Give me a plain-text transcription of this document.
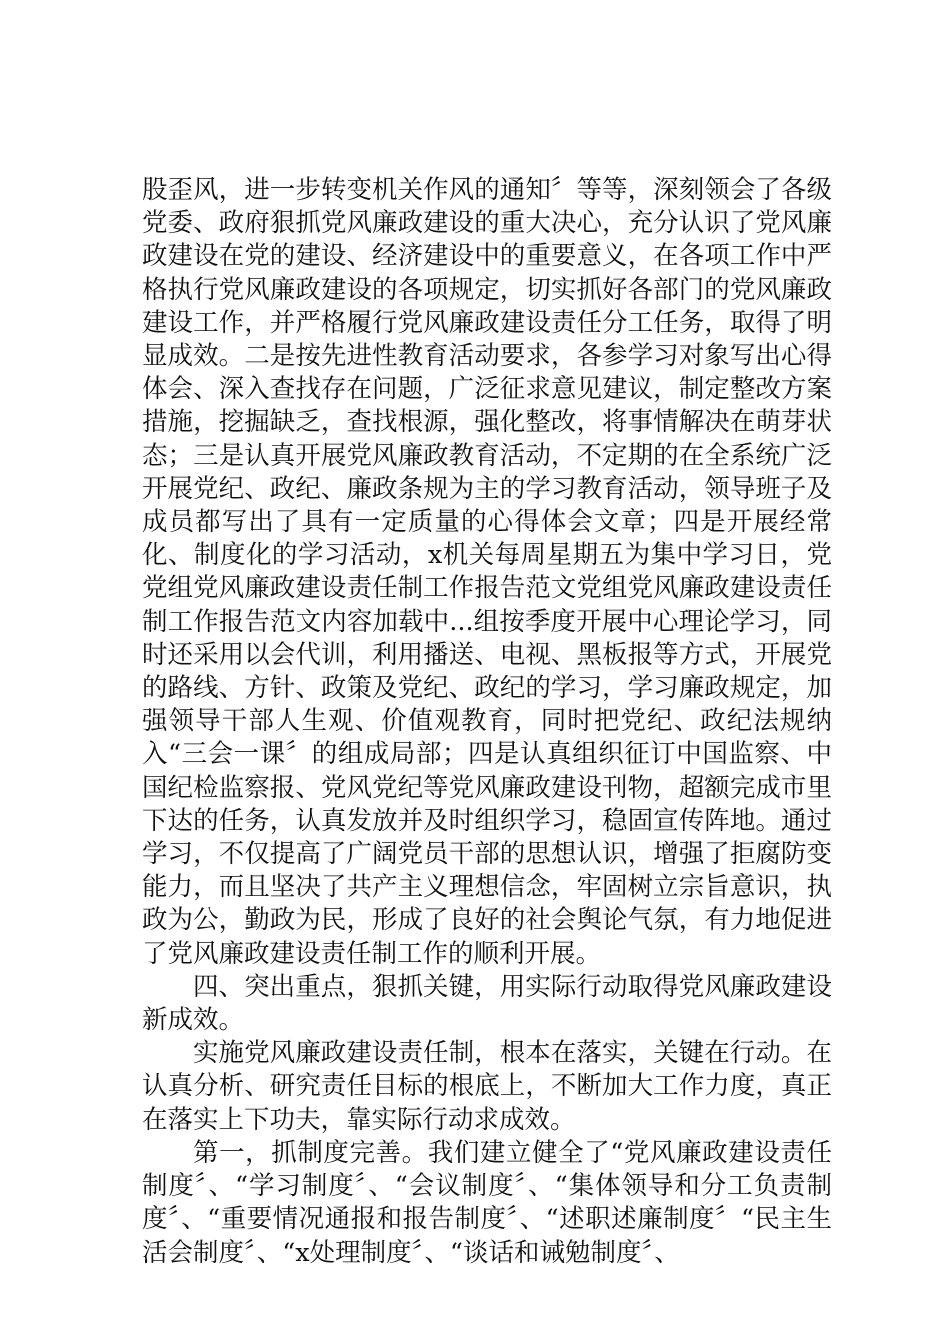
股歪风，进一步转变机关作风的通知〞等等，深刻领会了各级党委、政府狠抓党风廉政建设的重大决心，充分认识了党风廉政建设在党的建设、经济建设中的重要意义，在各项工作中严格执行党风廉政建设的各项规定，切实抓好各部门的党风廉政建设工作，并严格履行党风廉政建设责任分工任务，取得了明显成效。二是按先进性教育活动要求，各参学习对象写出心得体会、深入查找存在问题，广泛征求意见建议，制定整改方案措施，挖掘缺乏，查找根源，强化整改，将事情解决在萌芽状态；三是认真开展党风廉政教育活动，不定期的在全系统广泛开展党纪、政纪、廉政条规为主的学习教育活动，领导班子及成员都写出了具有一定质量的心得体会文章；四是开展经常化、制度化的学习活动，x机关每周星期五为集中学习日，党党组党风廉政建设责任制工作报告范文党组党风廉政建设责任制工作报告范文内容加载中...组按季度开展中心理论学习，同时还采用以会代训，利用播送、电视、黑板报等方式，开展党的路线、方针、政策及党纪、政纪的学习，学习廉政规定，加强领导干部人生观、价值观教育，同时把党纪、政纪法规纳入“三会一课〞的组成局部；四是认真组织征订中国监察、中国纪检监察报、党风党纪等党风廉政建设刊物，超额完成市里下达的任务，认真发放并及时组织学习，稳固宣传阵地。通过学习，不仅提高了广阔党员干部的思想认识，增强了拒腐防变能力，而且坚决了共产主义理想信念，牢固树立宗旨意识，执政为公，勤政为民，形成了良好的社会舆论气氛，有力地促进了党风廉政建设责任制工作的顺利开展。

四、突出重点，狠抓关键，用实际行动取得党风廉政建设新成效。

实施党风廉政建设责任制，根本在落实，关键在行动。在认真分析、研究责任目标的根底上，不断加大工作力度，真正在落实上下功夫，靠实际行动求成效。

第一，抓制度完善。我们建立健全了“党风廉政建设责任制度〞、“学习制度〞、“会议制度〞、“集体领导和分工负责制度〞、“重要情况通报和报告制度〞、“述职述廉制度〞“民主生活会制度〞、“x处理制度〞、“谈话和诫勉制度〞、
